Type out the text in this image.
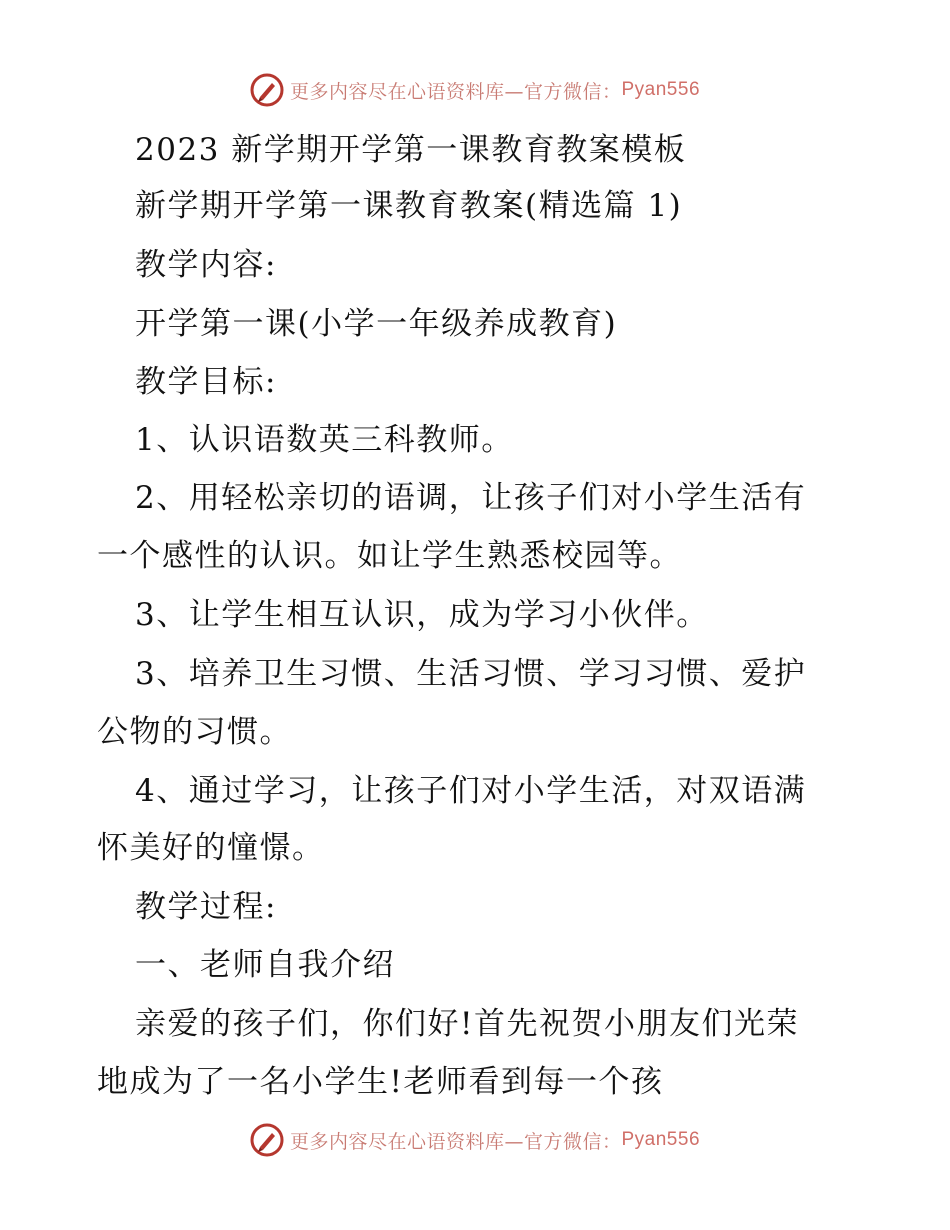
更多内容尽在心语资料库—官方微信： Pyan556
2023 新学期开学第一课教育教案模板
新学期开学第一课教育教案(精选篇 1)
教学内容:
开学第一课(小学一年级养成教育)
教学目标:
1、认识语数英三科教师。
2、用轻松亲切的语调，让孩子们对小学生活有
一个感性的认识。如让学生熟悉校园等。
3、让学生相互认识，成为学习小伙伴。
3、培养卫生习惯、生活习惯、学习习惯、爱护
公物的习惯。
4、通过学习，让孩子们对小学生活，对双语满
怀美好的憧憬。
教学过程:
一、老师自我介绍
亲爱的孩子们，你们好!首先祝贺小朋友们光荣
地成为了一名小学生!老师看到每一个孩
更多内容尽在心语资料库—官方微信： Pyan556
